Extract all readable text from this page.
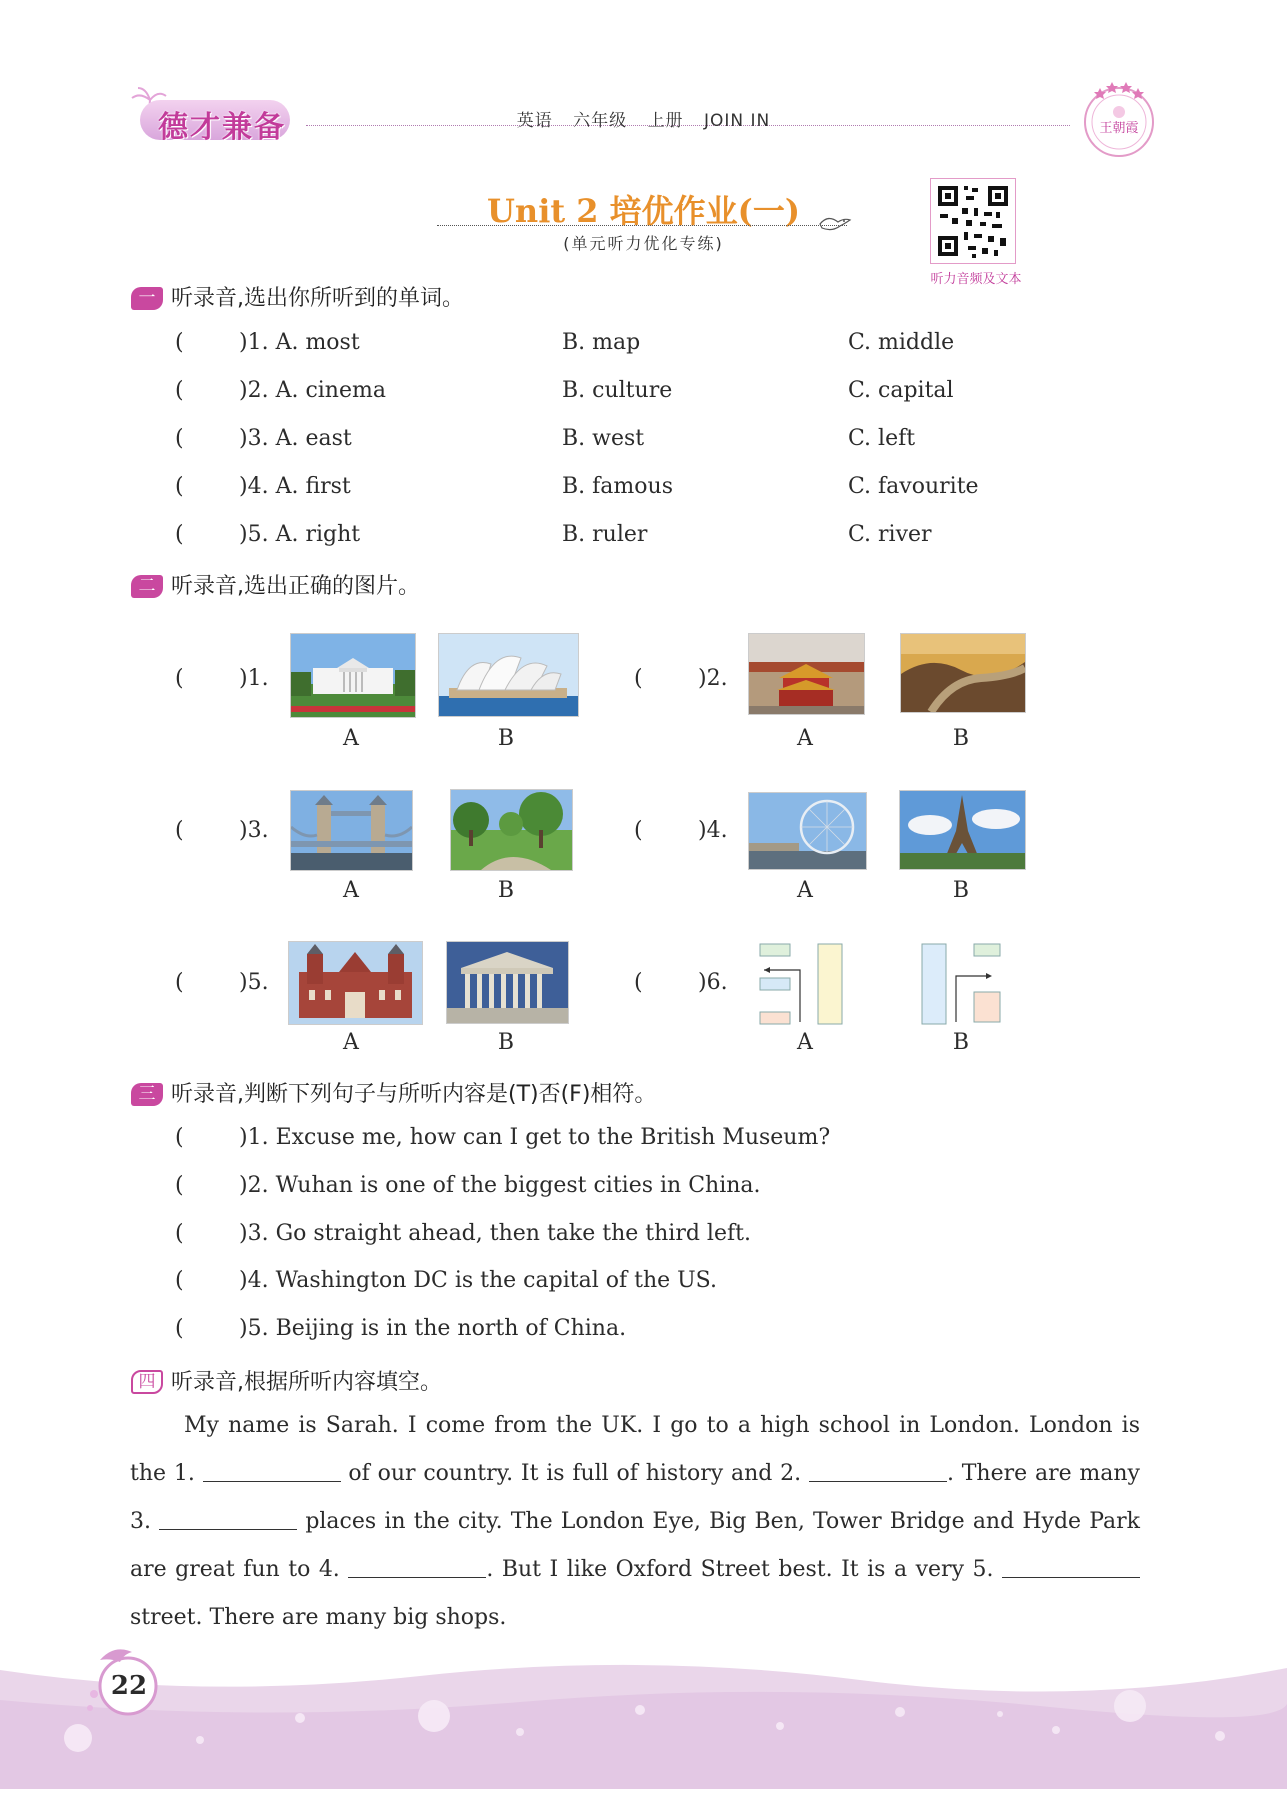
德才兼备	英语 六年级 上册 JOIN IN	王朝霞
Unit 2 培优作业(一)
(单元听力优化专练)
听力音频及文本
一 听录音,选出你所听到的单词。
(	)1. A. most	B. map	C. middle
(	)2. A. cinema	B. culture	C. capital
(	)3. A. east	B. west	C. left
(	)4. A. first	B. famous	C. favourite
(	)5. A. right	B. ruler	C. river
二 听录音,选出正确的图片。
(	)1.
A	B
(	)2.
A	B
(	)3.
A	B
(	)4.
A	B
(	)5.
A	B
(	)6.
A	B
三 听录音,判断下列句子与所听内容是(T)否(F)相符。
(	)1. Excuse me, how can I get to the British Museum?
(	)2. Wuhan is one of the biggest cities in China.
(	)3. Go straight ahead, then take the third left.
(	)4. Washington DC is the capital of the US.
(	)5. Beijing is in the north of China.
四 听录音,根据所听内容填空。
My name is Sarah. I come from the UK. I go to a high school in London. London is the 1.	of our country. It is full of history and 2.	. There are many 3.	places in the city. The London Eye, Big Ben, Tower Bridge and Hyde Park are great fun to 4.	. But I like Oxford Street best. It is a very 5.  street. There are many big shops.
22
